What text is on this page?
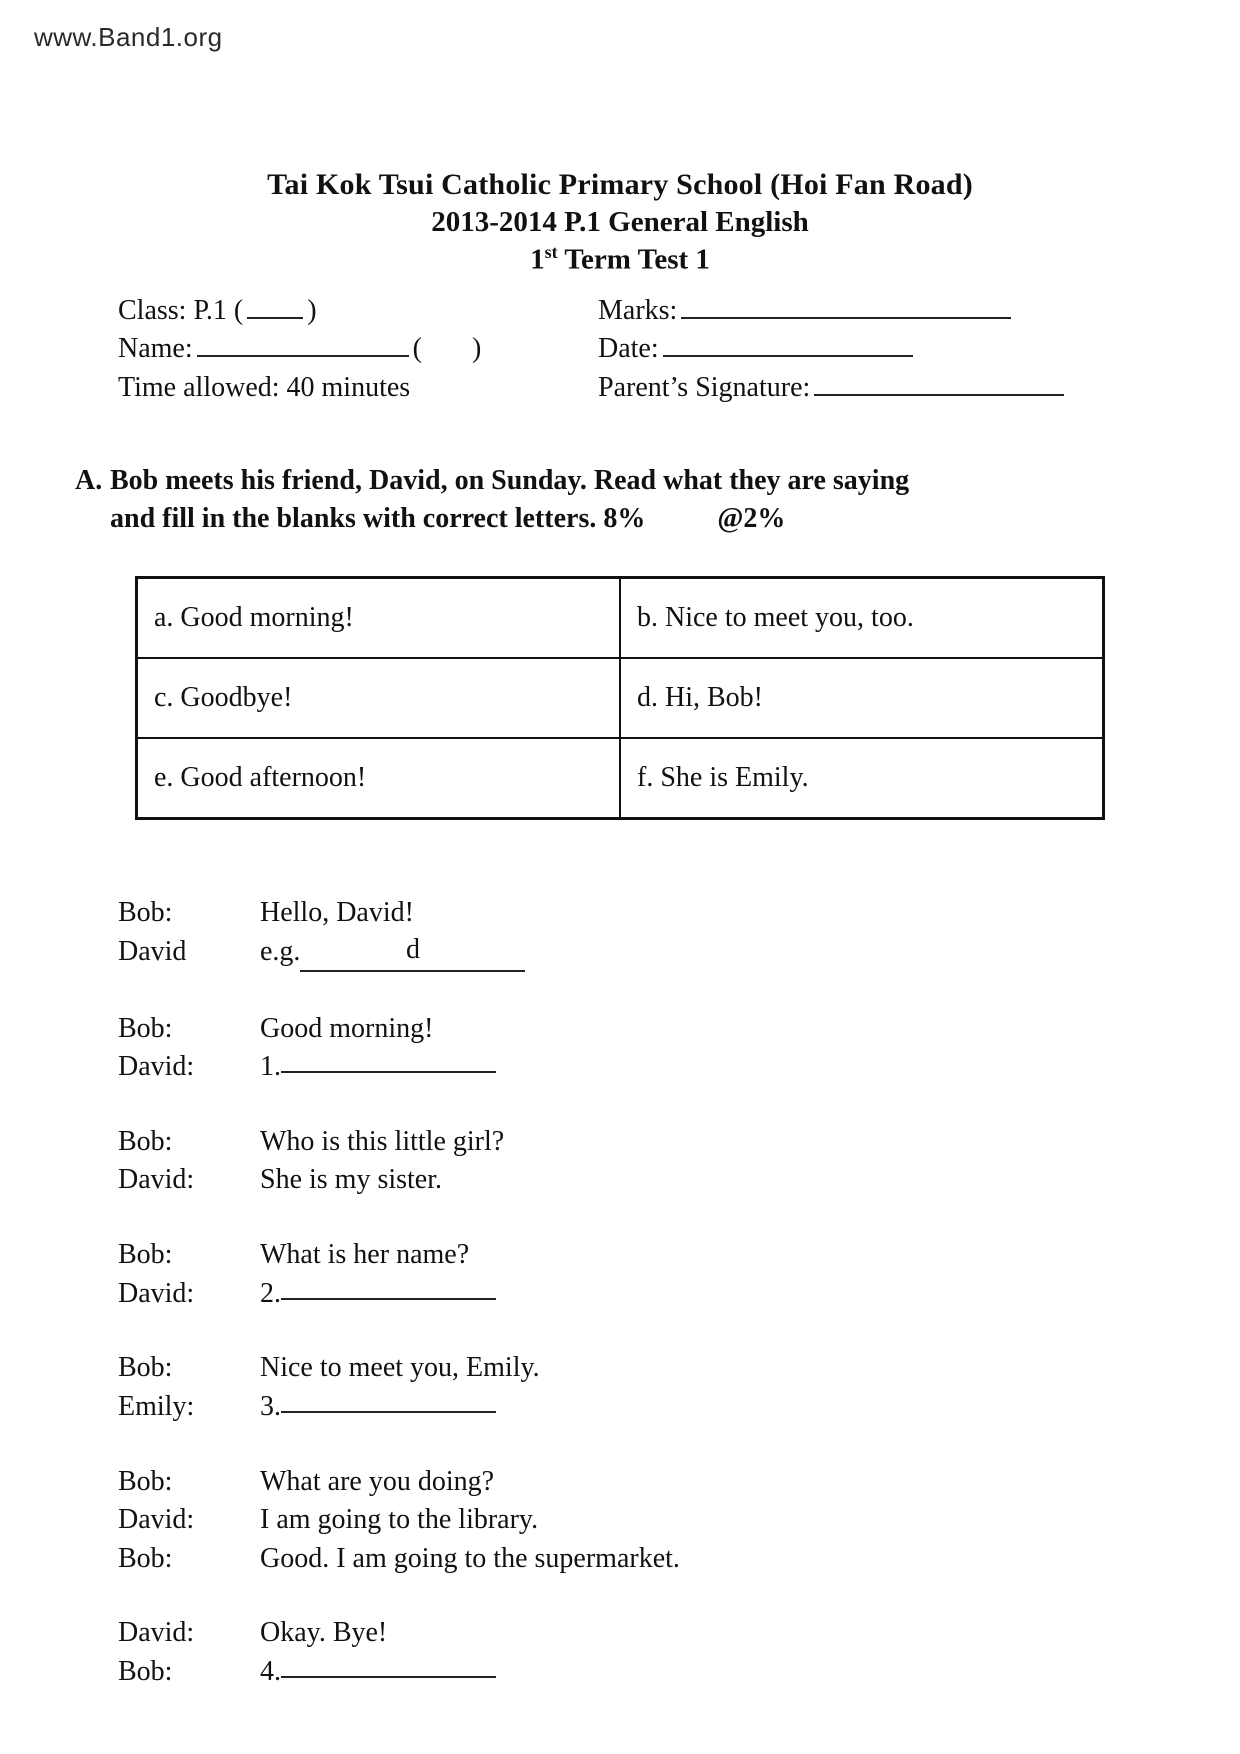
www.Band1.org
Tai Kok Tsui Catholic Primary School (Hoi Fan Road)
2013-2014 P.1 General English
1st Term Test 1
Class: P.1 ( )	Marks:
Name:	( )	Date:
Time allowed: 40 minutes	Parent’s Signature:
A. Bob meets his friend, David, on Sunday. Read what they are saying
and fill in the blanks with correct letters. 8%	@2%
a. Good morning!	b. Nice to meet you, too.
c. Goodbye!	d. Hi, Bob!
e. Good afternoon!	f. She is Emily.
Bob:	Hello, David!
David	e.g.	d
Bob:	Good morning!
David:	1.
Bob:	Who is this little girl?
David:	She is my sister.
Bob:	What is her name?
David:	2.
Bob:	Nice to meet you, Emily.
Emily:	3.
Bob:	What are you doing?
David:	I am going to the library.
Bob:	Good. I am going to the supermarket.
David:	Okay. Bye!
Bob:	4.
